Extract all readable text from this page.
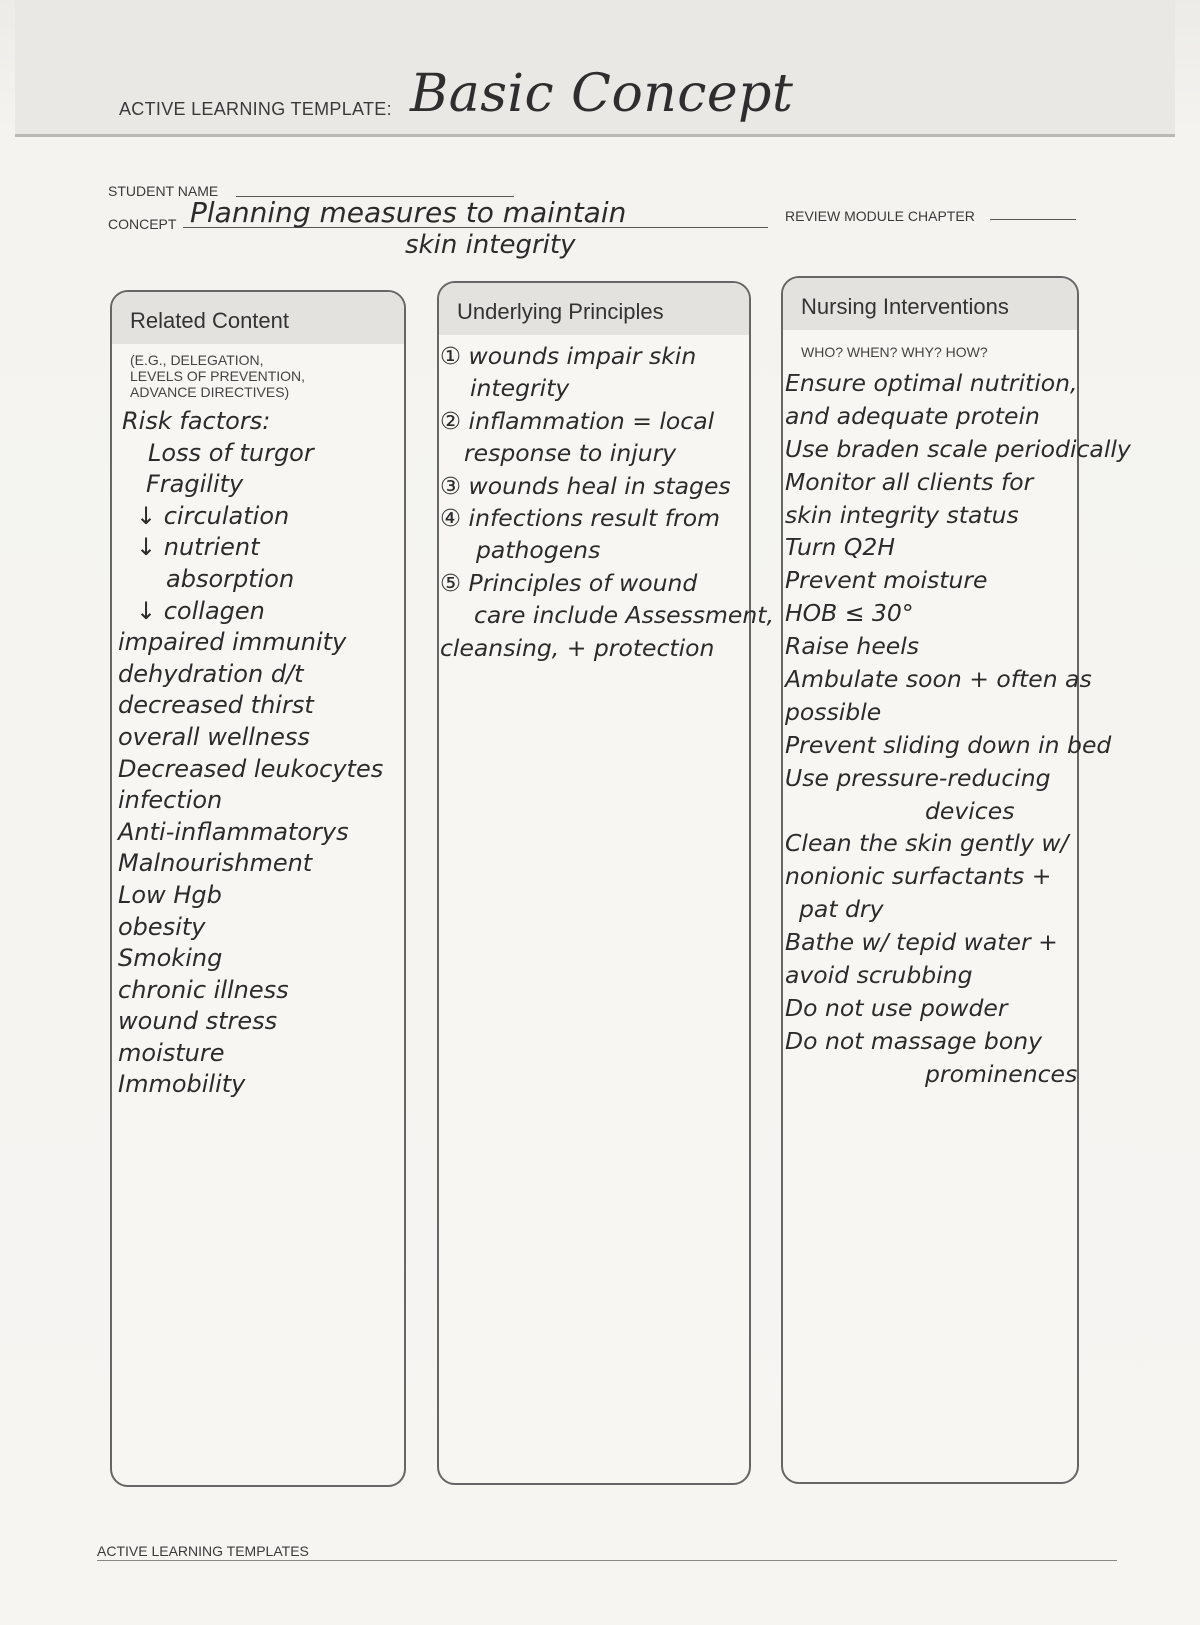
ACTIVE LEARNING TEMPLATE: Basic Concept
STUDENT NAME
CONCEPT Planning measures to maintain
skin integrity
REVIEW MODULE CHAPTER
Related Content
(E.G., DELEGATION,
LEVELS OF PREVENTION,
ADVANCE DIRECTIVES)
Risk factors:
Loss of turgor
Fragility
↓ circulation
↓ nutrient
absorption
↓ collagen
impaired immunity
dehydration d/t
decreased thirst
overall wellness
Decreased leukocytes
infection
Anti-inflammatorys
Malnourishment
Low Hgb
obesity
Smoking
chronic illness
wound stress
moisture
Immobility
Underlying Principles
① wounds impair skin
integrity
② inflammation = local
response to injury
③ wounds heal in stages
④ infections result from
pathogens
⑤ Principles of wound
care include Assessment,
cleansing, + protection
Nursing Interventions
WHO? WHEN? WHY? HOW?
Ensure optimal nutrition,
and adequate protein
Use braden scale periodically
Monitor all clients for
skin integrity status
Turn Q2H
Prevent moisture
HOB ≤ 30°
Raise heels
Ambulate soon + often as
possible
Prevent sliding down in bed
Use pressure-reducing
devices
Clean the skin gently w/
nonionic surfactants +
pat dry
Bathe w/ tepid water +
avoid scrubbing
Do not use powder
Do not massage bony
prominences
ACTIVE LEARNING TEMPLATES
